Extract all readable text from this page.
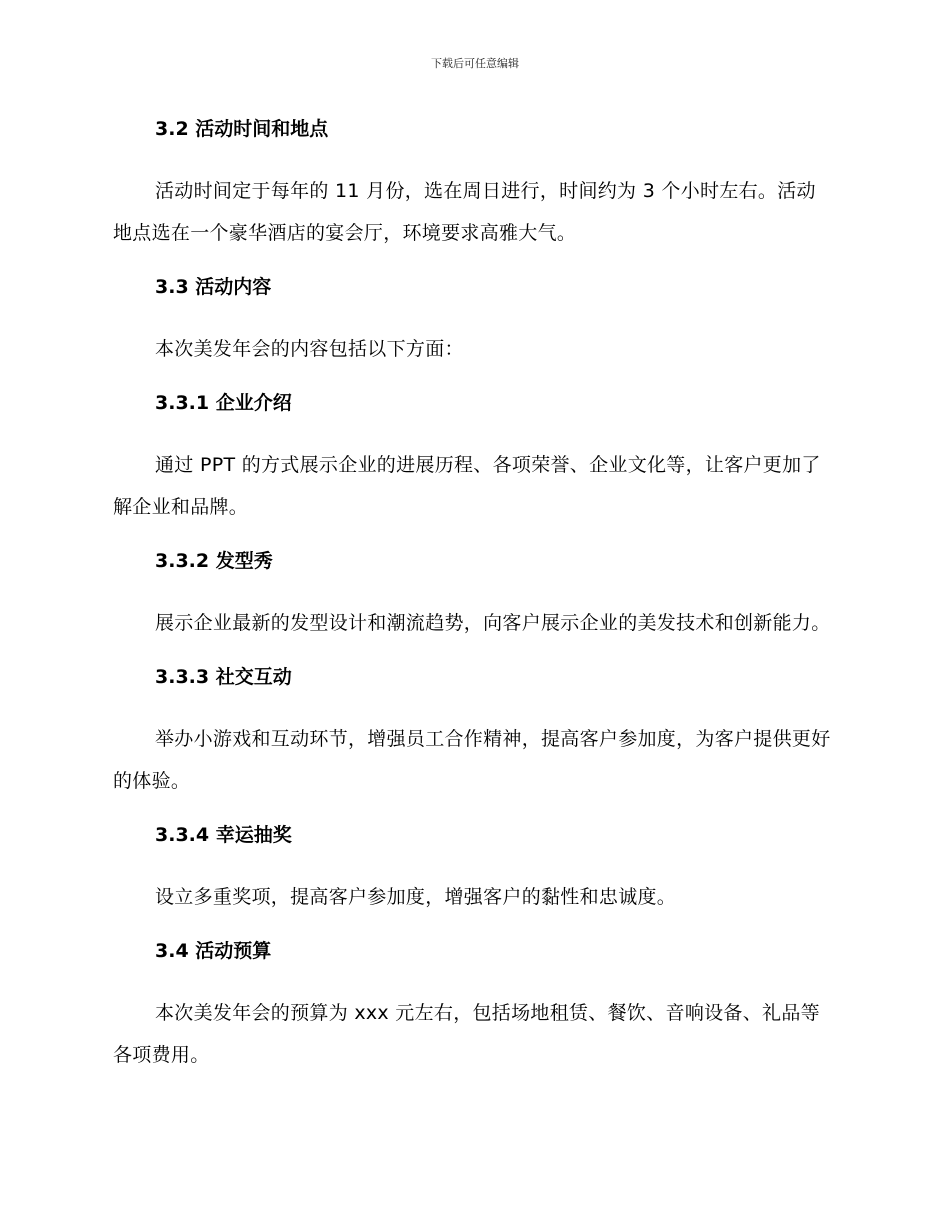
下载后可任意编辑
3.2 活动时间和地点

活动时间定于每年的 11 月份，选在周日进行，时间约为 3 个小时左右。活动地点选在一个豪华酒店的宴会厅，环境要求高雅大气。

3.3 活动内容

本次美发年会的内容包括以下方面：

3.3.1 企业介绍

通过 PPT 的方式展示企业的进展历程、各项荣誉、企业文化等，让客户更加了解企业和品牌。

3.3.2 发型秀

展示企业最新的发型设计和潮流趋势，向客户展示企业的美发技术和创新能力。

3.3.3 社交互动

举办小游戏和互动环节，增强员工合作精神，提高客户参加度，为客户提供更好的体验。

3.3.4 幸运抽奖

设立多重奖项，提高客户参加度，增强客户的黏性和忠诚度。

3.4 活动预算

本次美发年会的预算为 xxx 元左右，包括场地租赁、餐饮、音响设备、礼品等各项费用。
